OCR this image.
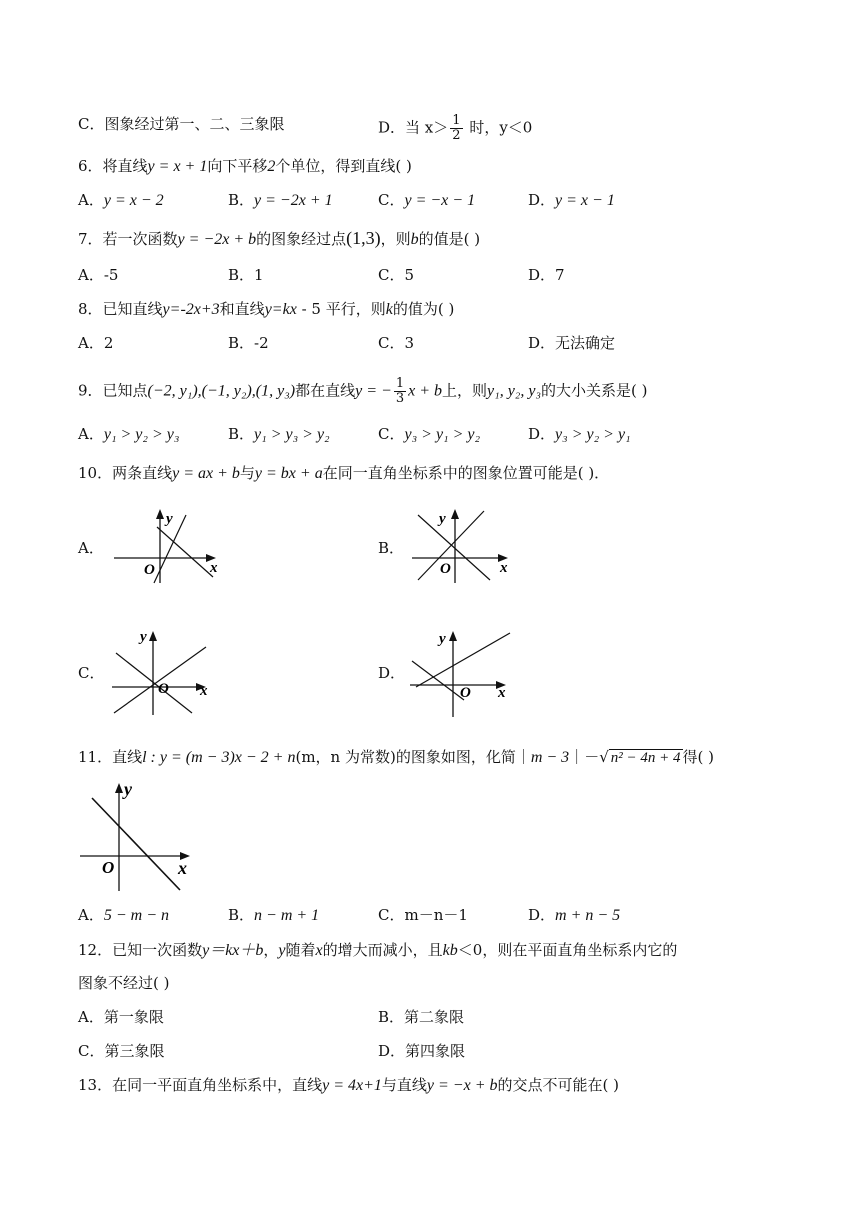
C．图象经过第一、二、三象限	D．当 $x> \frac{1}{2}$ 时，y＜0
6．将直线y = x + 1向下平移2个单位，得到直线( )
A．y = x − 2	B．y = −2x + 1	C．y = −x − 1	D．y = x − 1
7．若一次函数y = −2x + b的图象经过点(1,3)，则b的值是( )
A．-5	B．1	C．5	D．7
8．已知直线y=-2x+3和直线y=kx - 5 平行，则k的值为( )
A．2	B．-2	C．3	D．无法确定
9．已知点(−2, y₁),(−1, y₂),(1, y₃)都在直线y = − $\frac{1}{3}$ x + b上，则y₁, y₂, y₃的大小关系是( )
A．y₁ > y₂ > y₃	B．y₁ > y₃ > y₂	C．y₃ > y₁ > y₂	D．y₃ > y₂ > y₁
10．两条直线y = ax + b与y = bx + a在同一直角坐标系中的图象位置可能是( )．
A．
y
x
O
B．
y
x
O
C．
y
x
O
D．
y
x
O
11．直线l : y = (m − 3)x − 2 + n(m，n 为常数)的图象如图，化简｜m − 3｜－√ n² − 4n + 4 得( )
y
x
O
A．5 − m − n	B．n − m + 1	C．m－n－1	D．m + n − 5
12．已知一次函数y＝kx＋b，y随着x的增大而减小，且kb＜0，则在平面直角坐标系内它的
图象不经过( )
A．第一象限	B．第二象限
C．第三象限	D．第四象限
13．在同一平面直角坐标系中，直线y = 4x+1与直线y = −x + b的交点不可能在( )
